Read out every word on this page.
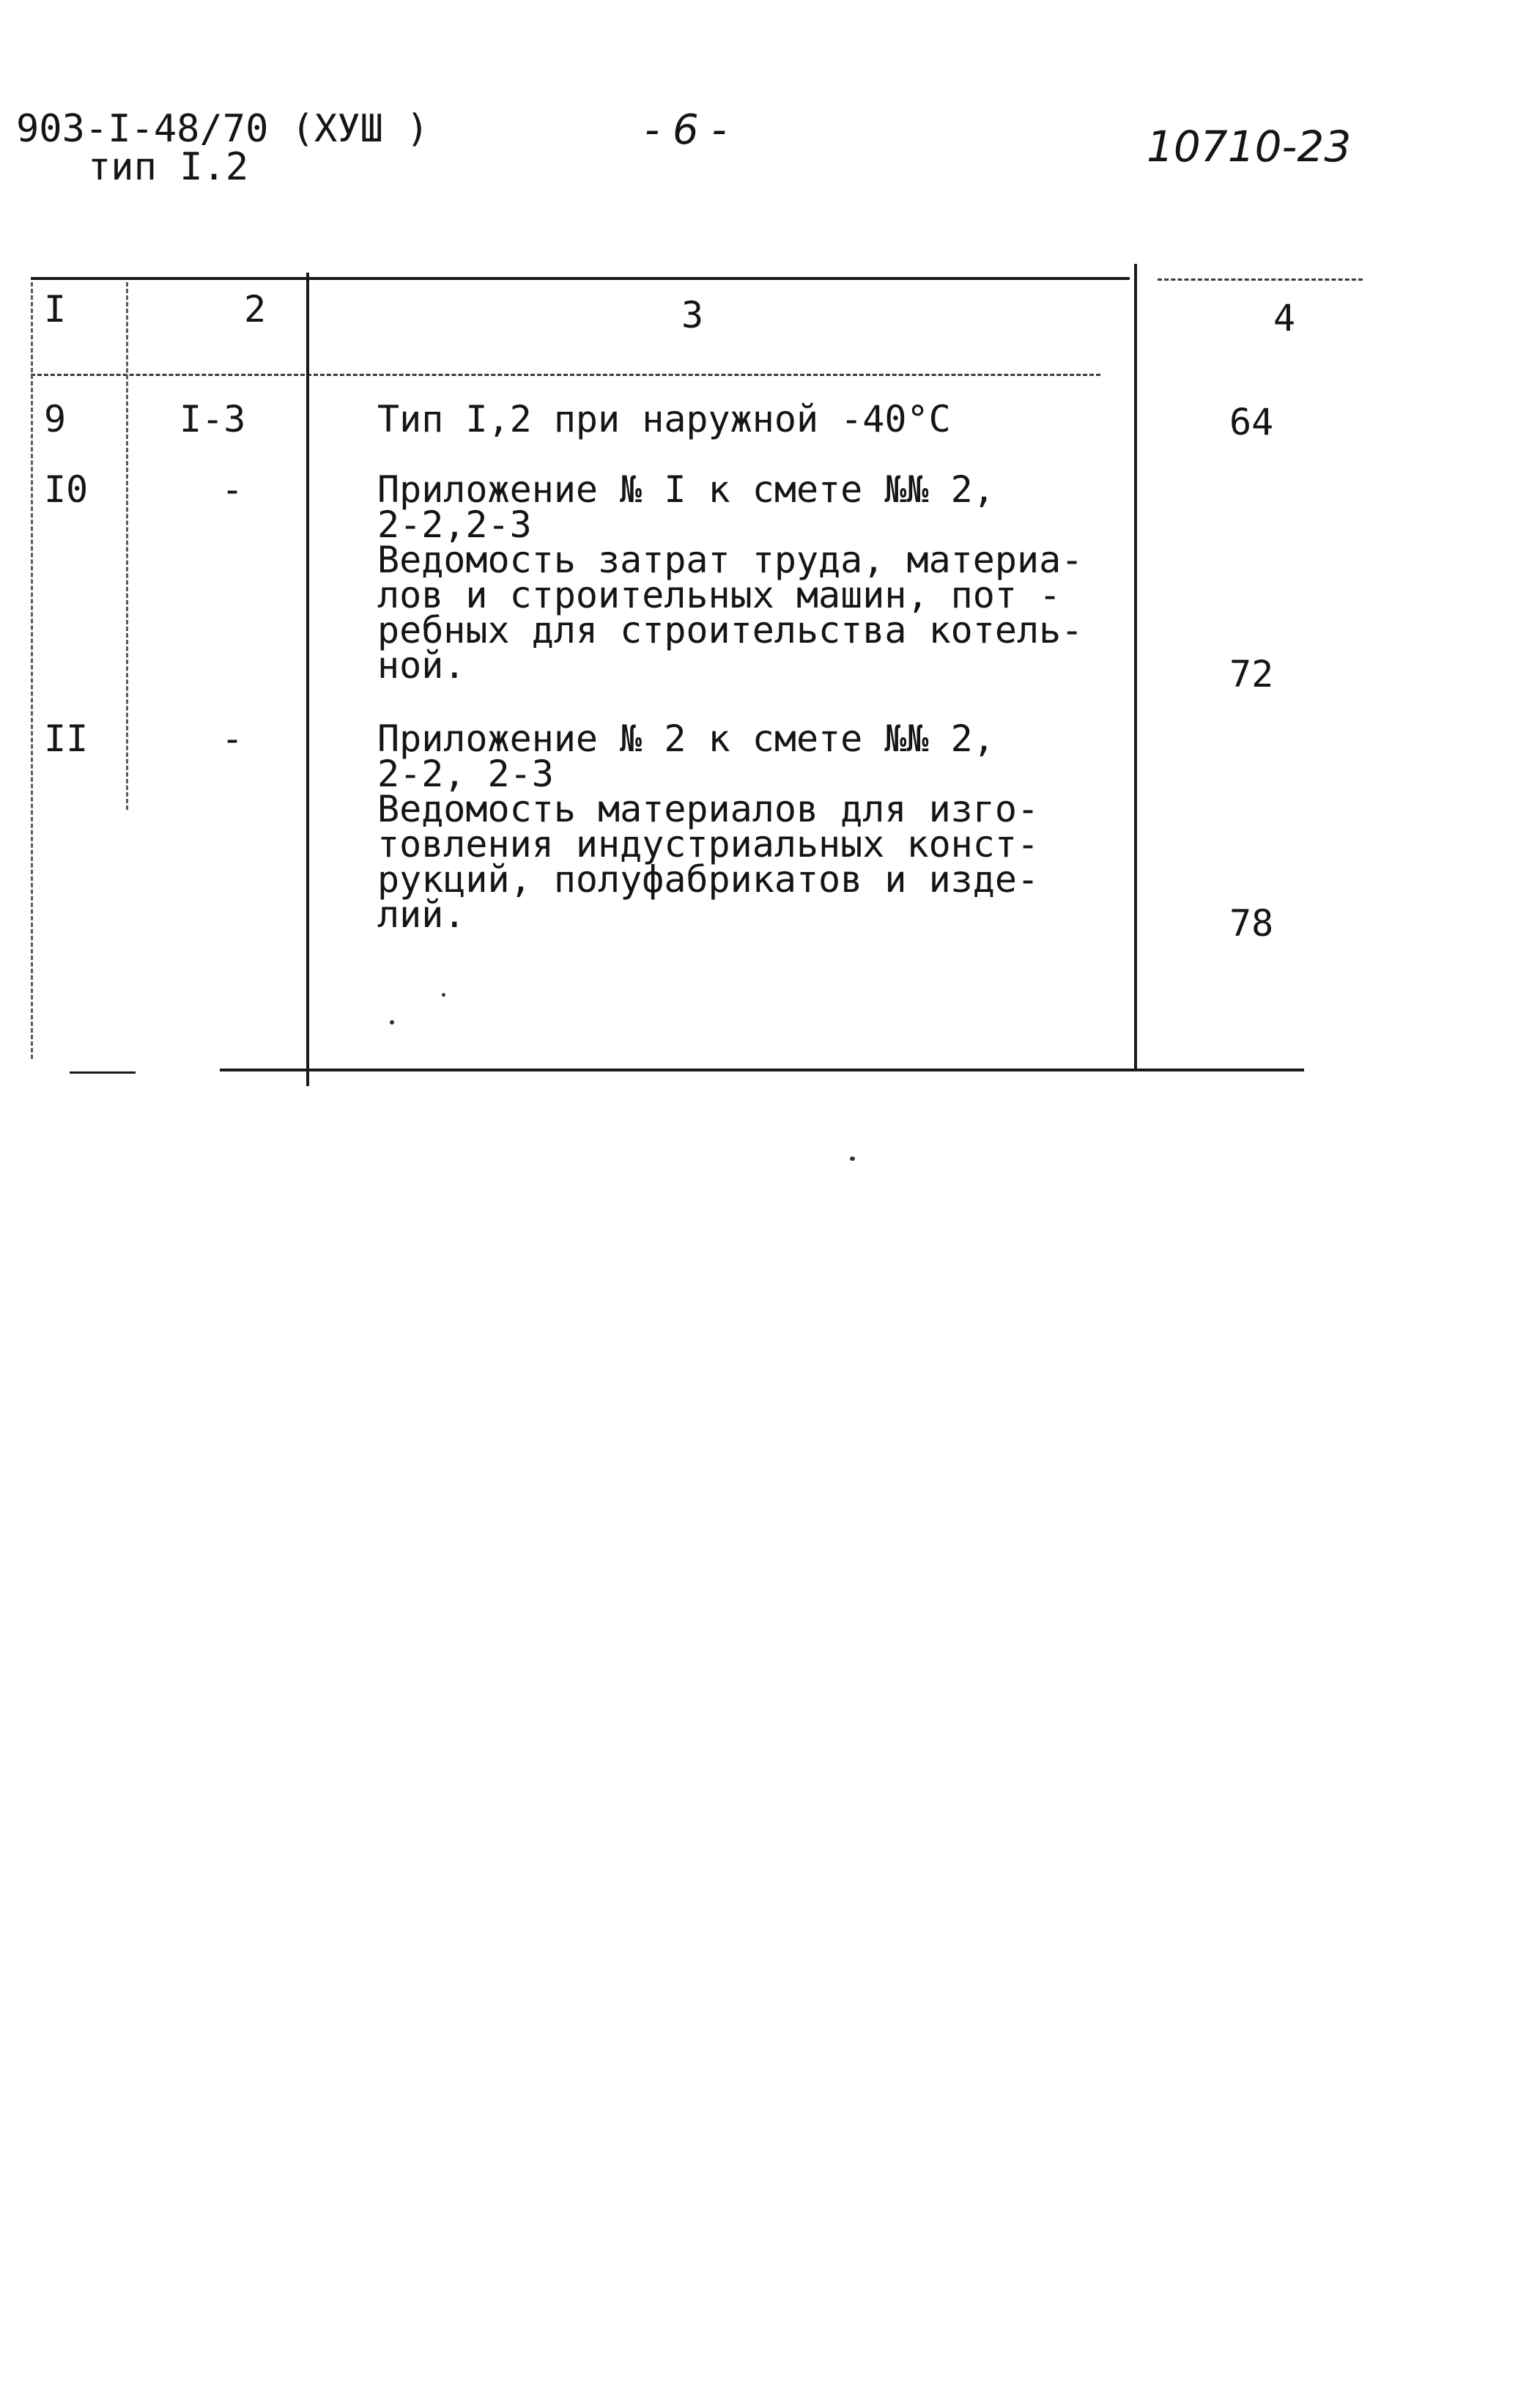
903-I-48/70 (ХУШ )
тип I.2
- 6 -	10710-23
I	2	3	4
9	I-3	Тип I,2 при наружной -40°С	64
I0	-	Приложение № I к смете №№ 2,
2-2,2-3
Ведомость затрат труда, материа-
лов и строительных машин, пот -
ребных для строительства котель-
ной.	72
II	-	Приложение № 2 к смете №№ 2,
2-2, 2-3
Ведомость материалов для изго-
товления индустриальных конст-
рукций, полуфабрикатов и изде-
лий.	78
